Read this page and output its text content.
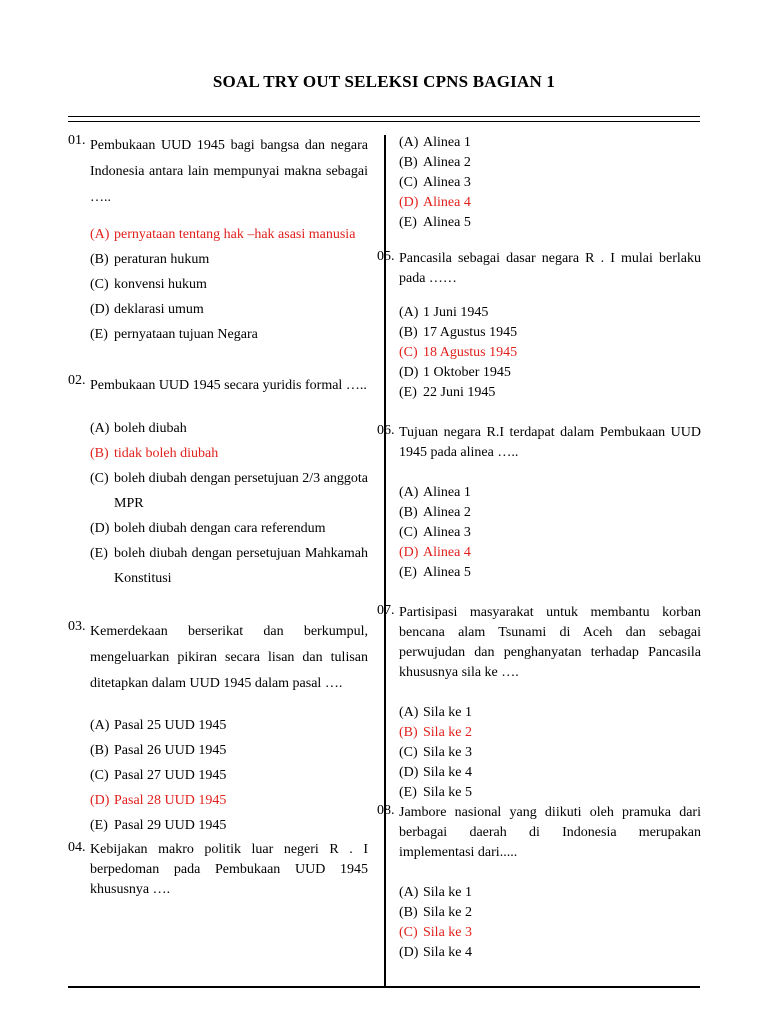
SOAL TRY OUT SELEKSI CPNS BAGIAN 1
01. Pembukaan UUD 1945 bagi bangsa dan negara Indonesia antara lain mempunyai makna sebagai …..
(A) pernyataan tentang hak –hak asasi manusia
(B) peraturan hukum
(C) konvensi hukum
(D) deklarasi umum
(E) pernyataan tujuan Negara
02. Pembukaan UUD 1945 secara yuridis formal …..
(A) boleh diubah
(B) tidak boleh diubah
(C) boleh diubah dengan persetujuan 2/3 anggota MPR
(D) boleh diubah dengan cara referendum
(E) boleh diubah dengan persetujuan Mahkamah Konstitusi
03. Kemerdekaan berserikat dan berkumpul, mengeluarkan pikiran secara lisan dan tulisan ditetapkan dalam UUD 1945 dalam pasal ….
(A) Pasal 25 UUD 1945
(B) Pasal 26 UUD 1945
(C) Pasal 27 UUD 1945
(D) Pasal 28 UUD 1945
(E) Pasal 29 UUD 1945
04. Kebijakan makro politik luar negeri R . I berpedoman pada Pembukaan UUD 1945 khususnya ….
(A) Alinea 1
(B) Alinea 2
(C) Alinea 3
(D) Alinea 4
(E) Alinea 5
05. Pancasila sebagai dasar negara R . I mulai berlaku pada ……
(A) 1 Juni 1945
(B) 17 Agustus 1945
(C) 18 Agustus 1945
(D) 1 Oktober 1945
(E) 22 Juni 1945
06. Tujuan negara R.I terdapat dalam Pembukaan UUD 1945 pada alinea …..
(A) Alinea 1
(B) Alinea 2
(C) Alinea 3
(D) Alinea 4
(E) Alinea 5
07. Partisipasi masyarakat untuk membantu korban bencana alam Tsunami di Aceh dan sebagai perwujudan dan penghanyatan terhadap Pancasila khususnya sila ke ….
(A) Sila ke 1
(B) Sila ke 2
(C) Sila ke 3
(D) Sila ke 4
(E) Sila ke 5
08. Jambore nasional yang diikuti oleh pramuka dari berbagai daerah di Indonesia merupakan implementasi dari.....
(A) Sila ke 1
(B) Sila ke 2
(C) Sila ke 3
(D) Sila ke 4
